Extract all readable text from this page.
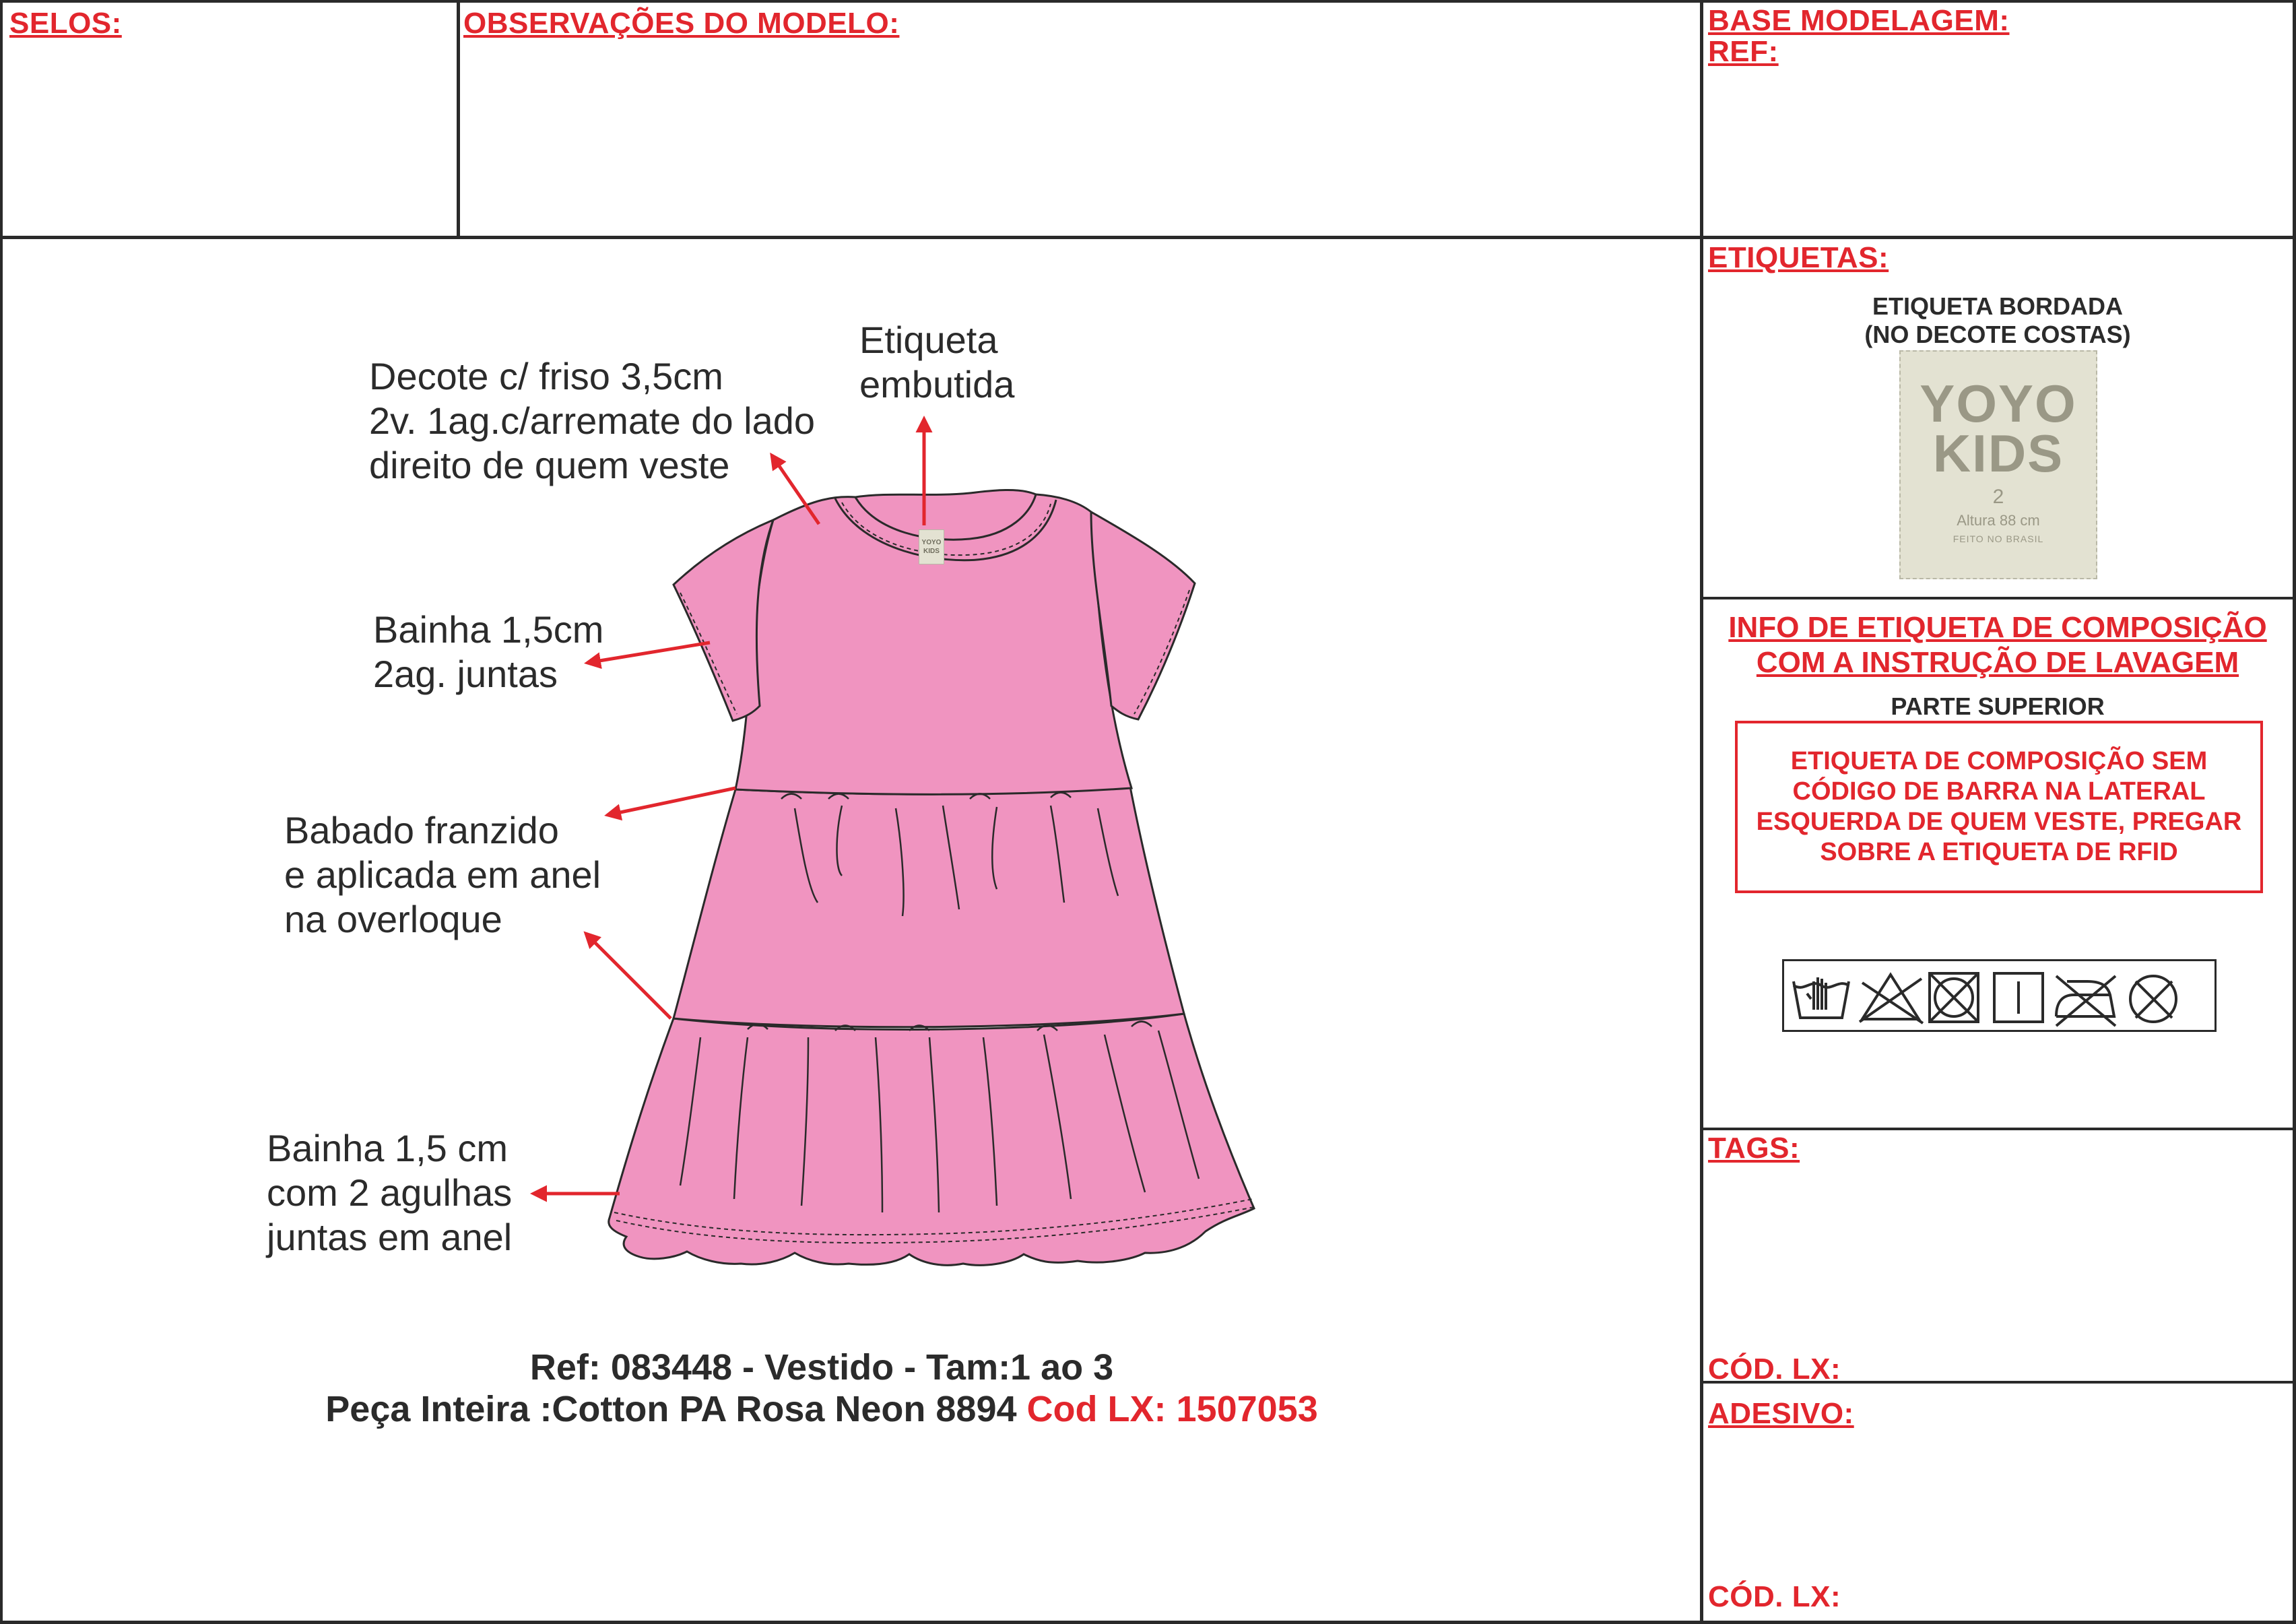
SELOS:	OBSERVAÇÕES DO MODELO:	BASE MODELAGEM:
REF:
YOYO
KIDS
Decote c/ friso 3,5cm
2v. 1ag.c/arremate do lado
direito de quem veste
Etiqueta
embutida
Bainha 1,5cm
2ag. juntas
Babado franzido
e aplicada em anel
na overloque
Bainha 1,5 cm
com 2 agulhas
juntas em anel
Ref: 083448 - Vestido - Tam:1 ao 3
Peça Inteira :Cotton PA Rosa Neon 8894 Cod LX: 1507053
ETIQUETAS:
ETIQUETA BORDADA
(NO DECOTE COSTAS)
YOYO
KIDS
2
Altura 88 cm
FEITO NO BRASIL
INFO DE ETIQUETA DE COMPOSIÇÃO
COM A INSTRUÇÃO DE LAVAGEM
PARTE SUPERIOR
ETIQUETA DE COMPOSIÇÃO SEM
CÓDIGO DE BARRA NA LATERAL
ESQUERDA DE QUEM VESTE, PREGAR
SOBRE A ETIQUETA DE RFID
TAGS:
CÓD. LX:
ADESIVO:
CÓD. LX:
